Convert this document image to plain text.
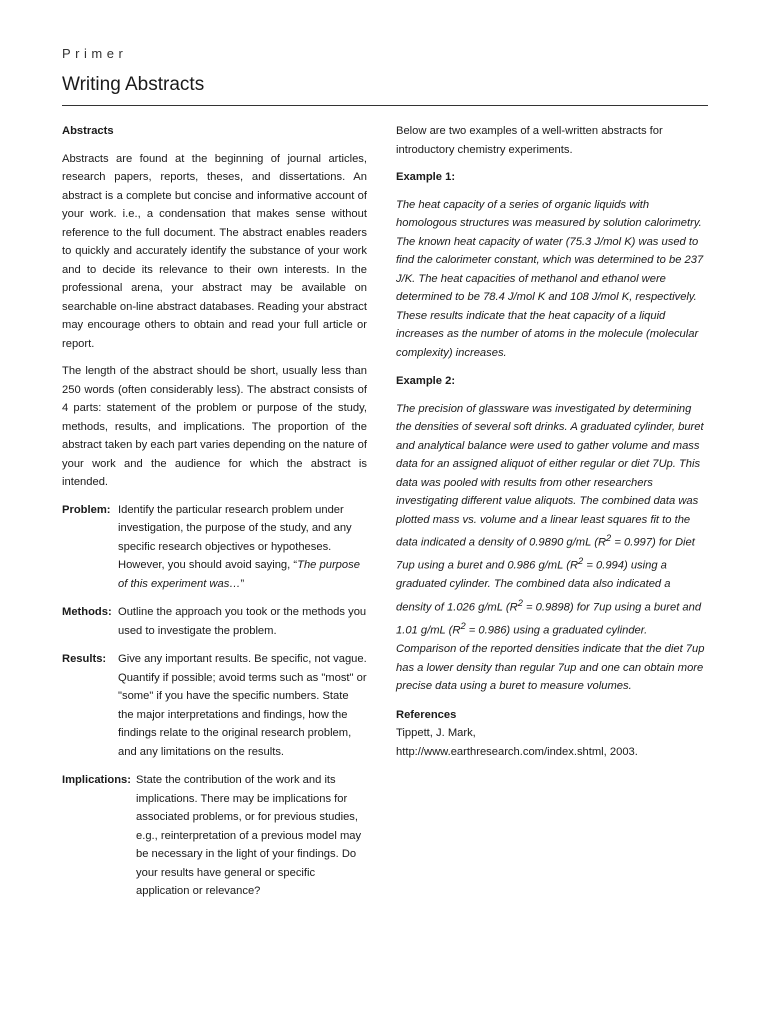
Primer
Writing Abstracts
Abstracts

Abstracts are found at the beginning of journal articles, research papers, reports, theses, and dissertations. An abstract is a complete but concise and informative account of your work. i.e., a condensation that makes sense without reference to the full document. The abstract enables readers to quickly and accurately identify the substance of your work and to decide its relevance to their own interests. In the professional arena, your abstract may be available on searchable on-line abstract databases. Reading your abstract may encourage others to obtain and read your full article or report.

The length of the abstract should be short, usually less than 250 words (often considerably less). The abstract consists of 4 parts: statement of the problem or purpose of the study, methods, results, and implications. The proportion of the abstract taken by each part varies depending on the nature of your work and the audience for which the abstract is intended.

Problem: Identify the particular research problem under investigation, the purpose of the study, and any specific research objectives or hypotheses. However, you should avoid saying, “The purpose of this experiment was…”
Methods: Outline the approach you took or the methods you used to investigate the problem.
Results:	Give any important results. Be specific, not vague. Quantify if possible; avoid terms such as "most" or "some" if you have the specific numbers. State the major interpretations and findings, how the findings relate to the original research problem, and any limitations on the results.
Implications: State the contribution of the work and its implications. There may be implications for associated problems, or for previous studies, e.g., reinterpretation of a previous model may be necessary in the light of your findings. Do your results have general or specific application or relevance?

Below are two examples of a well-written abstracts for introductory chemistry experiments.

Example 1:

The heat capacity of a series of organic liquids with homologous structures was measured by solution calorimetry. The known heat capacity of water (75.3 J/mol K) was used to find the calorimeter constant, which was determined to be 237 J/K. The heat capacities of methanol and ethanol were determined to be 78.4 J/mol K and 108 J/mol K, respectively. These results indicate that the heat capacity of a liquid increases as the number of atoms in the molecule (molecular complexity) increases.

Example 2:

The precision of glassware was investigated by determining the densities of several soft drinks. A graduated cylinder, buret and analytical balance were used to gather volume and mass data for an assigned aliquot of either regular or diet 7Up. This data was pooled with results from other researchers investigating different value aliquots. The combined data was plotted mass vs. volume and a linear least squares fit to the data indicated a density of 0.9890 g/mL $(R^2 = 0.997)$ for Diet 7up using a buret and 0.986 g/mL $(R^2 = 0.994)$ using a graduated cylinder. The combined data also indicated a density of 1.026 g/mL $(R^2 = 0.9898)$ for 7up using a buret and 1.01 g/mL $(R^2 = 0.986)$ using a graduated cylinder. Comparison of the reported densities indicate that the diet 7up has a lower density than regular 7up and one can obtain more precise data using a buret to measure volumes.

References

Tippett, J. Mark,

http://www.earthresearch.com/index.shtml, 2003.
